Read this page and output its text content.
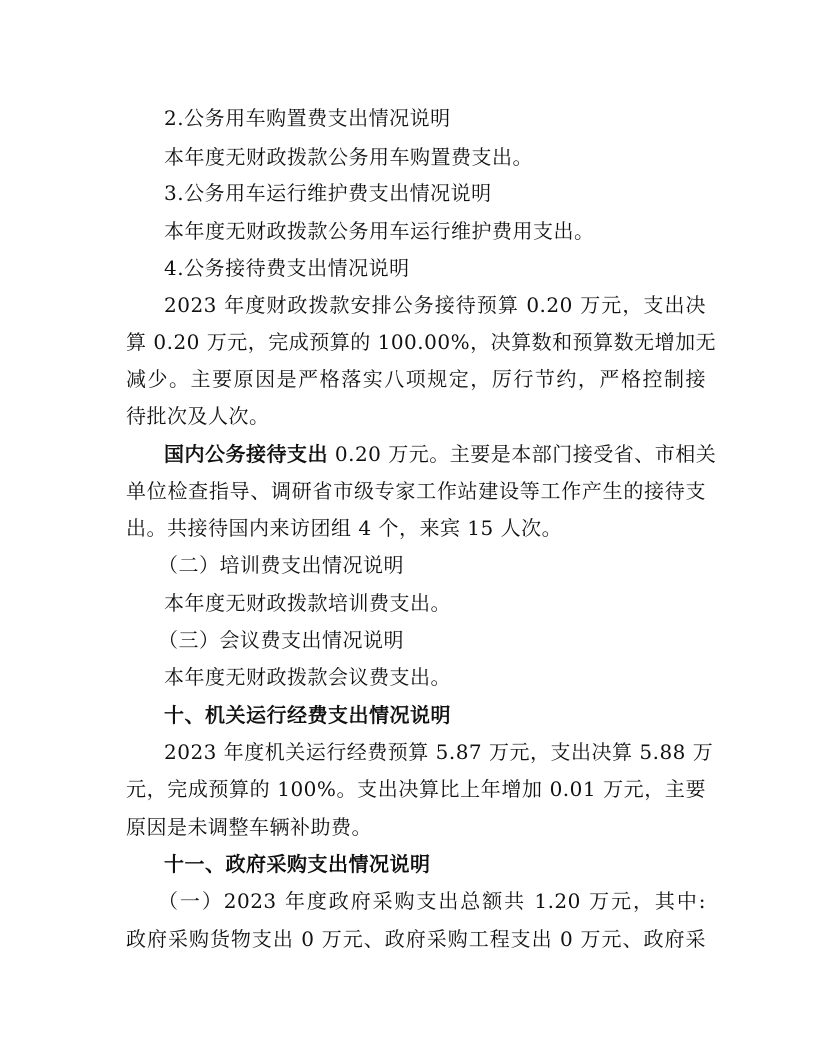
2.公务用车购置费支出情况说明
本年度无财政拨款公务用车购置费支出。
3.公务用车运行维护费支出情况说明
本年度无财政拨款公务用车运行维护费用支出。
4.公务接待费支出情况说明
2023 年度财政拨款安排公务接待预算 0.20 万元，支出决
算 0.20 万元，完成预算的 100.00%，决算数和预算数无增加无
减少。主要原因是严格落实八项规定，厉行节约，严格控制接
待批次及人次。
国内公务接待支出 0.20 万元。主要是本部门接受省、市相关
单位检查指导、调研省市级专家工作站建设等工作产生的接待支
出。共接待国内来访团组 4 个，来宾 15 人次。
（二）培训费支出情况说明
本年度无财政拨款培训费支出。
（三）会议费支出情况说明
本年度无财政拨款会议费支出。
十、机关运行经费支出情况说明
2023 年度机关运行经费预算 5.87 万元，支出决算 5.88 万
元，完成预算的 100%。支出决算比上年增加 0.01 万元，主要
原因是未调整车辆补助费。
十一、政府采购支出情况说明
（一）2023 年度政府采购支出总额共 1.20 万元，其中:
政府采购货物支出 0 万元、政府采购工程支出 0 万元、政府采
